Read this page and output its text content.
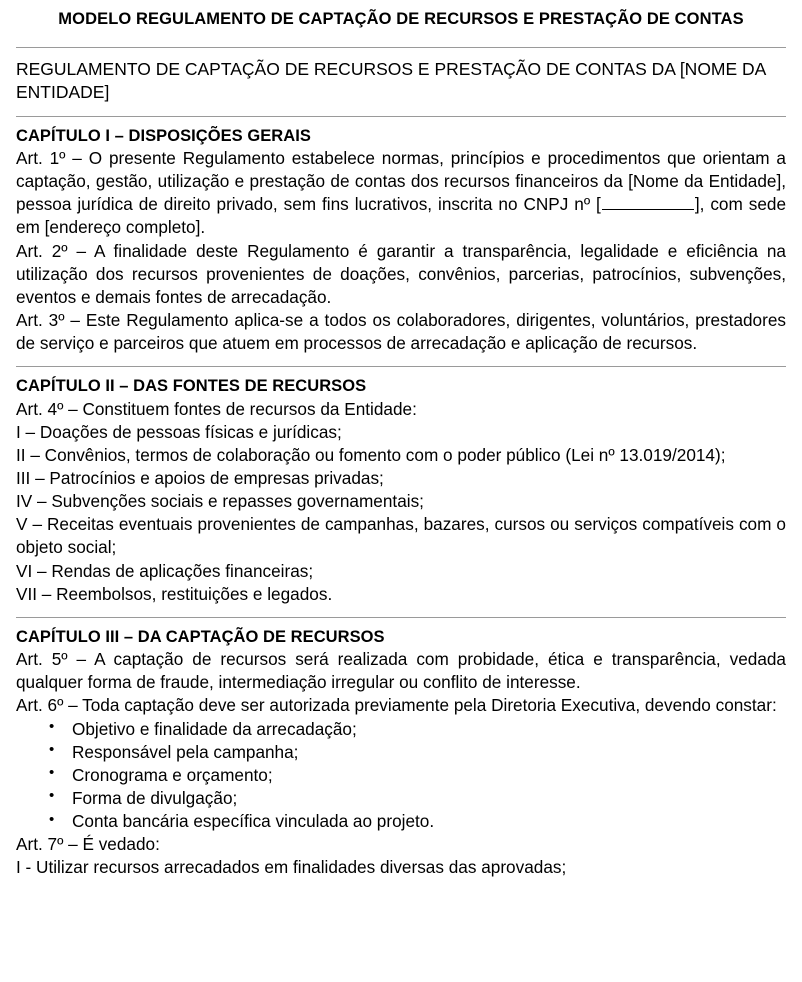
MODELO REGULAMENTO DE CAPTAÇÃO DE RECURSOS E PRESTAÇÃO DE CONTAS
REGULAMENTO DE CAPTAÇÃO DE RECURSOS E PRESTAÇÃO DE CONTAS DA [NOME DA ENTIDADE]
CAPÍTULO I – DISPOSIÇÕES GERAIS

Art. 1º – O presente Regulamento estabelece normas, princípios e procedimentos que orientam a captação, gestão, utilização e prestação de contas dos recursos financeiros da [Nome da Entidade], pessoa jurídica de direito privado, sem fins lucrativos, inscrita no CNPJ nº [	], com sede em [endereço completo].

Art. 2º – A finalidade deste Regulamento é garantir a transparência, legalidade e eficiência na utilização dos recursos provenientes de doações, convênios, parcerias, patrocínios, subvenções, eventos e demais fontes de arrecadação.

Art. 3º – Este Regulamento aplica-se a todos os colaboradores, dirigentes, voluntários, prestadores de serviço e parceiros que atuem em processos de arrecadação e aplicação de recursos.

CAPÍTULO II – DAS FONTES DE RECURSOS

Art. 4º – Constituem fontes de recursos da Entidade:

I – Doações de pessoas físicas e jurídicas;

II – Convênios, termos de colaboração ou fomento com o poder público (Lei nº 13.019/2014);

III – Patrocínios e apoios de empresas privadas;

IV – Subvenções sociais e repasses governamentais;

V – Receitas eventuais provenientes de campanhas, bazares, cursos ou serviços compatíveis com o objeto social;

VI – Rendas de aplicações financeiras;

VII – Reembolsos, restituições e legados.

CAPÍTULO III – DA CAPTAÇÃO DE RECURSOS

Art. 5º – A captação de recursos será realizada com probidade, ética e transparência, vedada qualquer forma de fraude, intermediação irregular ou conflito de interesse.

Art. 6º – Toda captação deve ser autorizada previamente pela Diretoria Executiva, devendo constar:

• Objetivo e finalidade da arrecadação;
• Responsável pela campanha;
• Cronograma e orçamento;
• Forma de divulgação;
• Conta bancária específica vinculada ao projeto.

Art. 7º – É vedado:

I - Utilizar recursos arrecadados em finalidades diversas das aprovadas;
